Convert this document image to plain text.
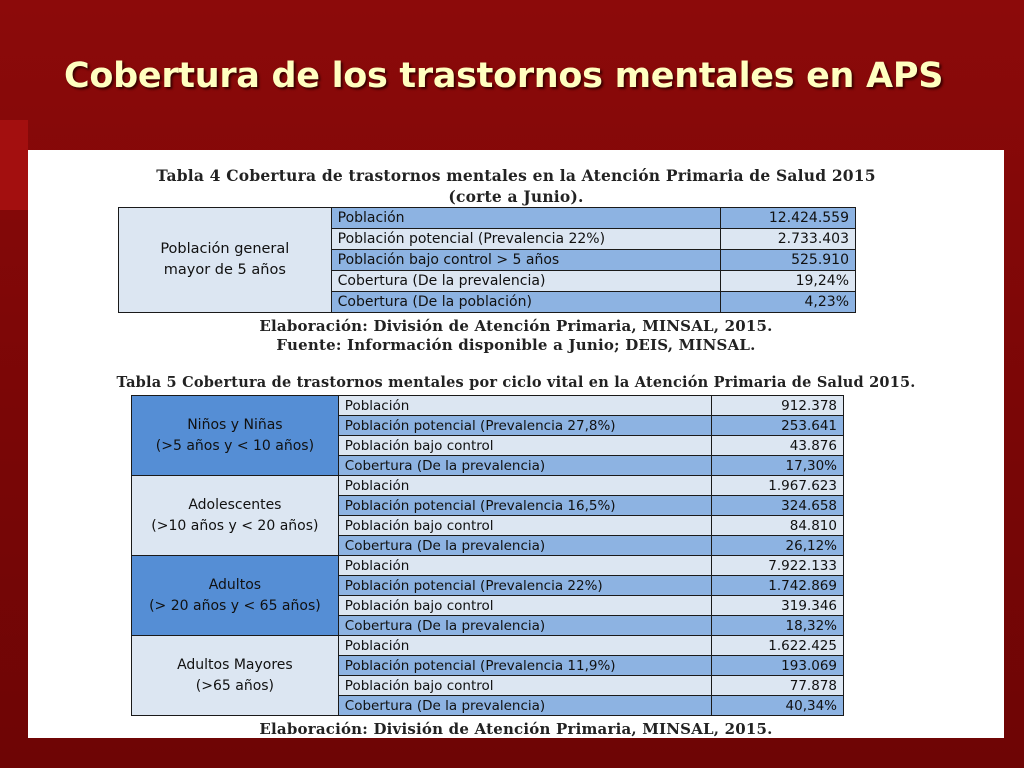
Cobertura de los trastornos mentales en APS
Tabla 4 Cobertura de trastornos mentales en la Atención Primaria de Salud 2015
(corte a Junio).
Población general
mayor de 5 años	Población	12.424.559
	Población potencial (Prevalencia 22%)	2.733.403
	Población bajo control > 5 años	525.910
	Cobertura (De la prevalencia)	19,24%
	Cobertura (De la población)	4,23%
Elaboración: División de Atención Primaria, MINSAL, 2015.
Fuente: Información disponible a Junio; DEIS, MINSAL.
Tabla 5 Cobertura de trastornos mentales por ciclo vital en la Atención Primaria de Salud 2015.
Niños y Niñas
(>5 años y < 10 años)	Población	912.378
	Población potencial (Prevalencia 27,8%)	253.641
	Población bajo control	43.876
	Cobertura (De la prevalencia)	17,30%

Adolescentes
(>10 años y < 20 años)	Población	1.967.623
	Población potencial (Prevalencia 16,5%)	324.658
	Población bajo control	84.810
	Cobertura (De la prevalencia)	26,12%

Adultos
(> 20 años y < 65 años)	Población	7.922.133
	Población potencial (Prevalencia 22%)	1.742.869
	Población bajo control	319.346
	Cobertura (De la prevalencia)	18,32%

Adultos Mayores
(>65 años)	Población	1.622.425
	Población potencial (Prevalencia 11,9%)	193.069
	Población bajo control	77.878
	Cobertura (De la prevalencia)	40,34%
Elaboración: División de Atención Primaria, MINSAL, 2015.
